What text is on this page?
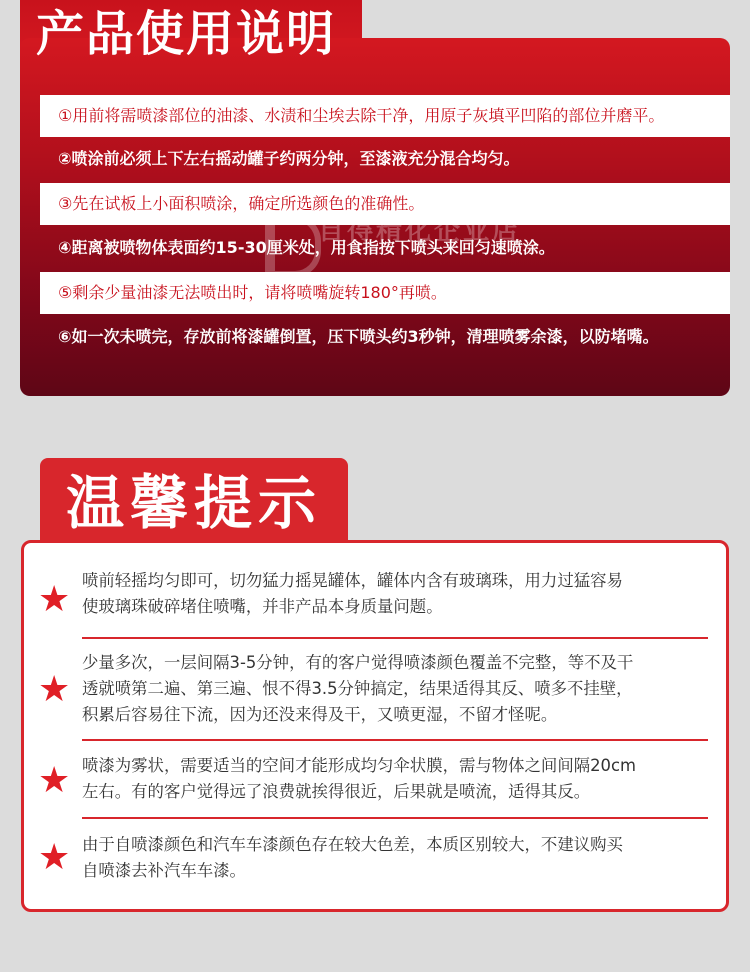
①用前将需喷漆部位的油漆、水渍和尘埃去除干净，用原子灰填平凹陷的部位并磨平。
②喷涂前必须上下左右摇动罐子约两分钟，至漆液充分混合均匀。
③先在试板上小面积喷涂，确定所选颜色的准确性。
④距离被喷物体表面约15-30厘米处，用食指按下喷头来回匀速喷涂。
⑤剩余少量油漆无法喷出时，请将喷嘴旋转180°再喷。
⑥如一次未喷完，存放前将漆罐倒置，压下喷头约3秒钟，清理喷雾余漆，以防堵嘴。
产品使用说明
自得精化企业店
温馨提示
★ 喷前轻摇均匀即可，切勿猛力摇晃罐体，罐体内含有玻璃珠，用力过猛容易
使玻璃珠破碎堵住喷嘴，并非产品本身质量问题。
★
少量多次，一层间隔3-5分钟，有的客户觉得喷漆颜色覆盖不完整，等不及干
透就喷第二遍、第三遍、恨不得3.5分钟搞定，结果适得其反、喷多不挂壁，
积累后容易往下流，因为还没来得及干，又喷更湿，不留才怪呢。
★ 喷漆为雾状，需要适当的空间才能形成均匀伞状膜，需与物体之间间隔20cm
左右。有的客户觉得远了浪费就挨得很近，后果就是喷流，适得其反。
★ 由于自喷漆颜色和汽车车漆颜色存在较大色差，本质区别较大，不建议购买
自喷漆去补汽车车漆。
